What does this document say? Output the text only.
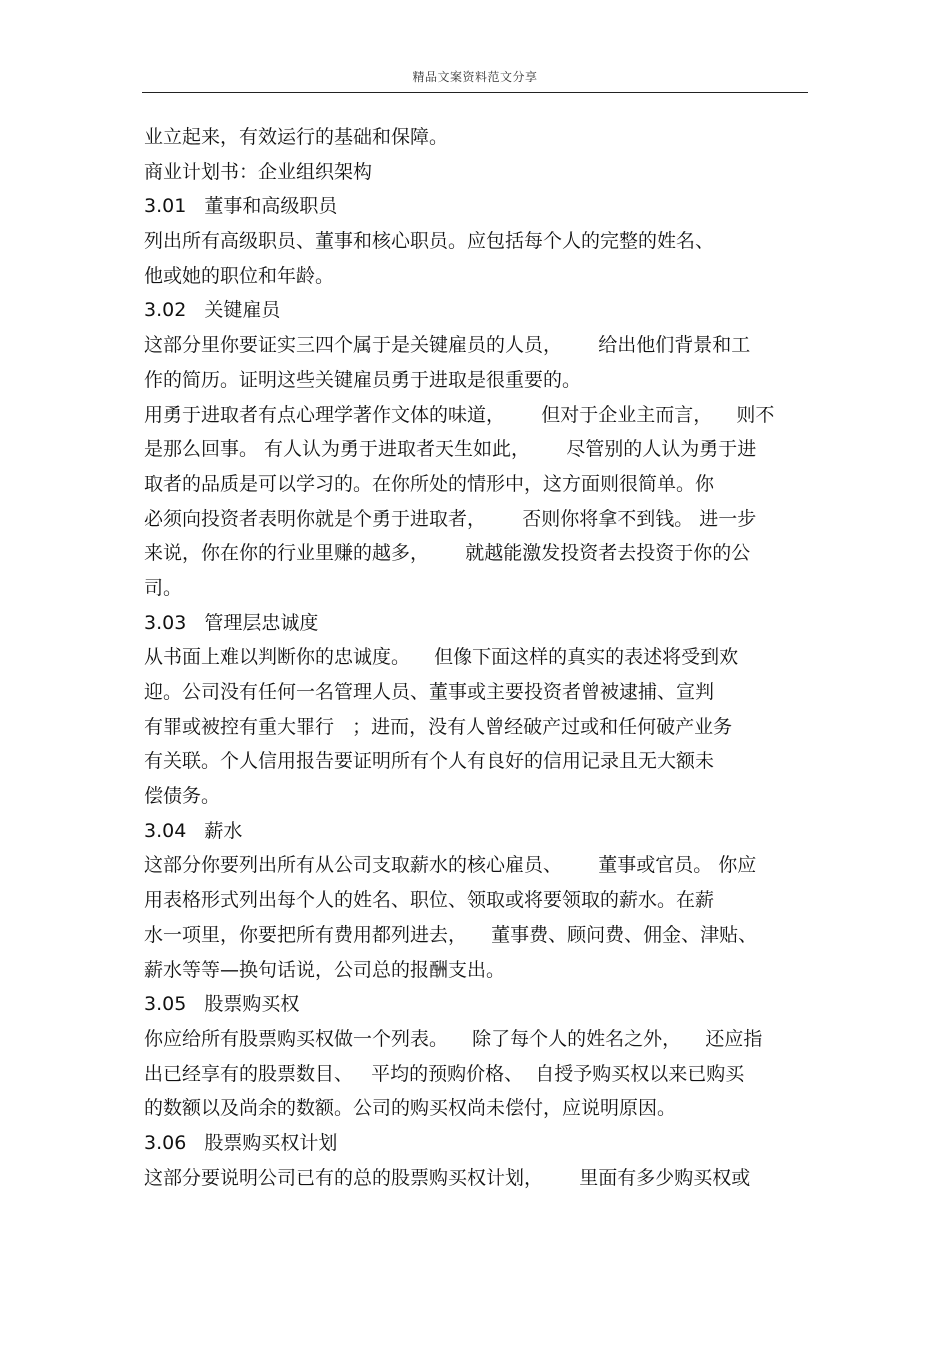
精品文案资料范文分享
业立起来，有效运行的基础和保障。
商业计划书：企业组织架构
3.01   董事和高级职员
列出所有高级职员、董事和核心职员。应包括每个人的完整的姓名、
他或她的职位和年龄。
3.02   关键雇员
这部分里你要证实三四个属于是关键雇员的人员，      给出他们背景和工
作的简历。证明这些关键雇员勇于进取是很重要的。
用勇于进取者有点心理学著作文体的味道，      但对于企业主而言，    则不
是那么回事。 有人认为勇于进取者天生如此，      尽管别的人认为勇于进
取者的品质是可以学习的。在你所处的情形中，这方面则很简单。你
必须向投资者表明你就是个勇于进取者，      否则你将拿不到钱。 进一步
来说，你在你的行业里赚的越多，      就越能激发投资者去投资于你的公
司。
3.03   管理层忠诚度
从书面上难以判断你的忠诚度。    但像下面这样的真实的表述将受到欢
迎。公司没有任何一名管理人员、董事或主要投资者曾被逮捕、宣判
有罪或被控有重大罪行   ；进而，没有人曾经破产过或和任何破产业务
有关联。个人信用报告要证明所有个人有良好的信用记录且无大额未
偿债务。
3.04   薪水
这部分你要列出所有从公司支取薪水的核心雇员、      董事或官员。 你应
用表格形式列出每个人的姓名、职位、领取或将要领取的薪水。在薪
水一项里，你要把所有费用都列进去，    董事费、顾问费、佣金、津贴、
薪水等等—换句话说，公司总的报酬支出。
3.05   股票购买权
你应给所有股票购买权做一个列表。    除了每个人的姓名之外，    还应指
出已经享有的股票数目、   平均的预购价格、  自授予购买权以来已购买
的数额以及尚余的数额。公司的购买权尚未偿付，应说明原因。
3.06   股票购买权计划
这部分要说明公司已有的总的股票购买权计划，      里面有多少购买权或
